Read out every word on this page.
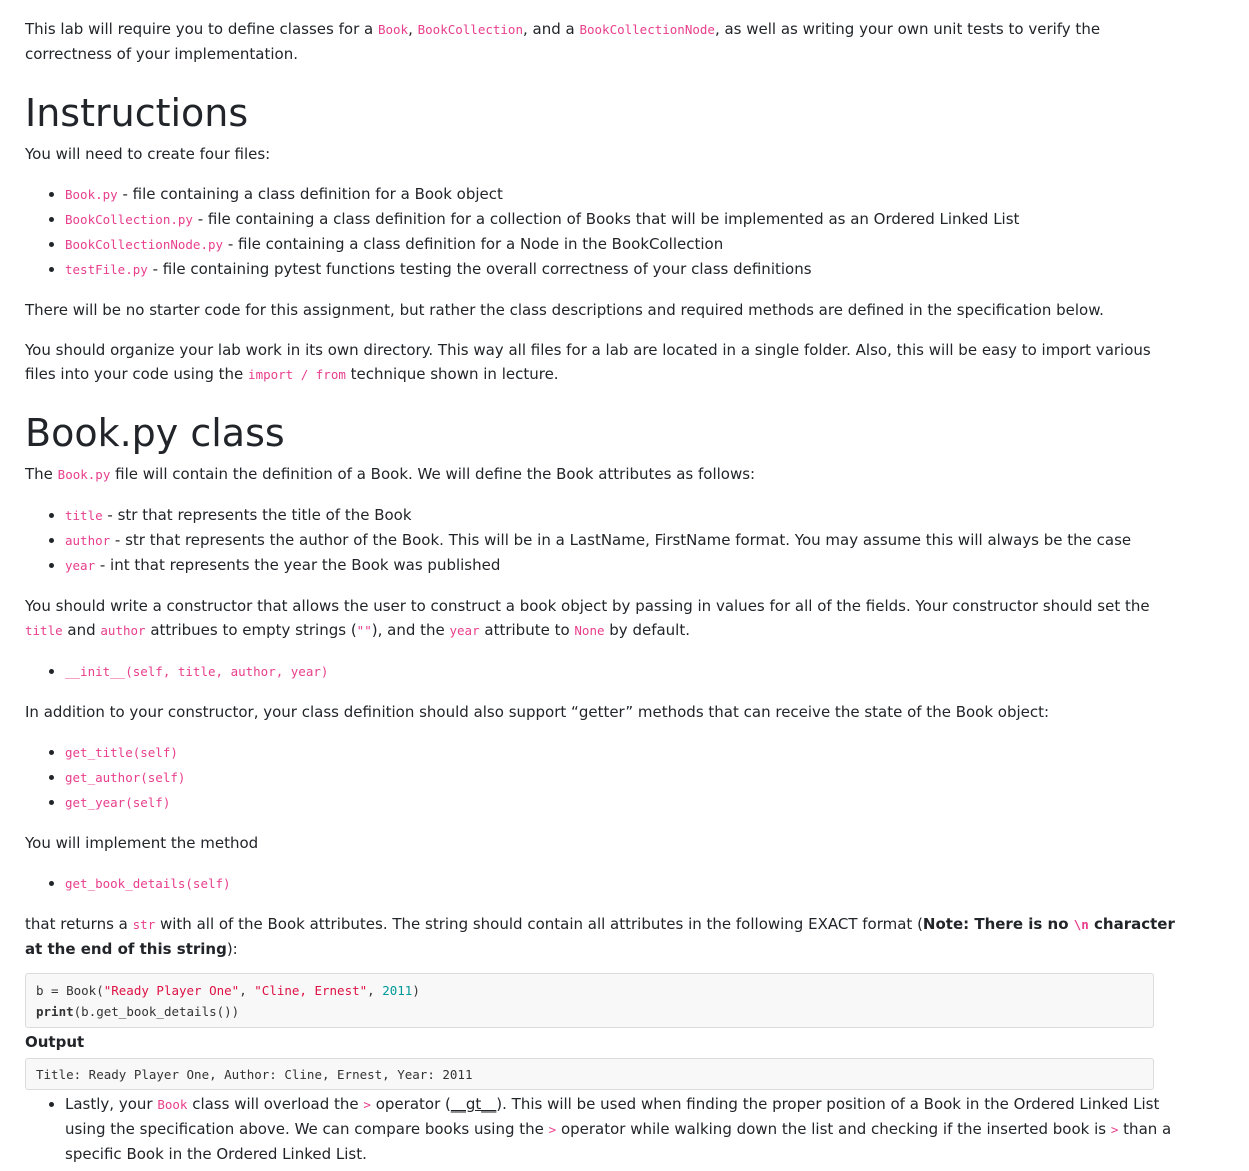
This lab will require you to define classes for a Book, BookCollection, and a BookCollectionNode, as well as writing your own unit tests to verify the correctness of your implementation.

Instructions

You will need to create four files:

• Book.py - file containing a class definition for a Book object
• BookCollection.py - file containing a class definition for a collection of Books that will be implemented as an Ordered Linked List
• BookCollectionNode.py - file containing a class definition for a Node in the BookCollection
• testFile.py - file containing pytest functions testing the overall correctness of your class definitions

There will be no starter code for this assignment, but rather the class descriptions and required methods are defined in the specification below.

You should organize your lab work in its own directory. This way all files for a lab are located in a single folder. Also, this will be easy to import various files into your code using the import / from technique shown in lecture.

Book.py class

The Book.py file will contain the definition of a Book. We will define the Book attributes as follows:

• title - str that represents the title of the Book
• author - str that represents the author of the Book. This will be in a LastName, FirstName format. You may assume this will always be the case
• year - int that represents the year the Book was published

You should write a constructor that allows the user to construct a book object by passing in values for all of the fields. Your constructor should set the title and author attribues to empty strings (""), and the year attribute to None by default.

• __init__(self, title, author, year)

In addition to your constructor, your class definition should also support “getter” methods that can receive the state of the Book object:

• get_title(self)
• get_author(self)
• get_year(self)

You will implement the method

• get_book_details(self)

that returns a str with all of the Book attributes. The string should contain all attributes in the following EXACT format (Note: There is no \n character at the end of this string):

b = Book("Ready Player One", "Cline, Ernest", 2011)
print(b.get_book_details())
Output
Title: Ready Player One, Author: Cline, Ernest, Year: 2011
• Lastly, your Book class will overload the > operator (__gt__). This will be used when finding the proper position of a Book in the Ordered Linked List using the specification above. We can compare books using the > operator while walking down the list and checking if the inserted book is > than a specific Book in the Ordered Linked List.
